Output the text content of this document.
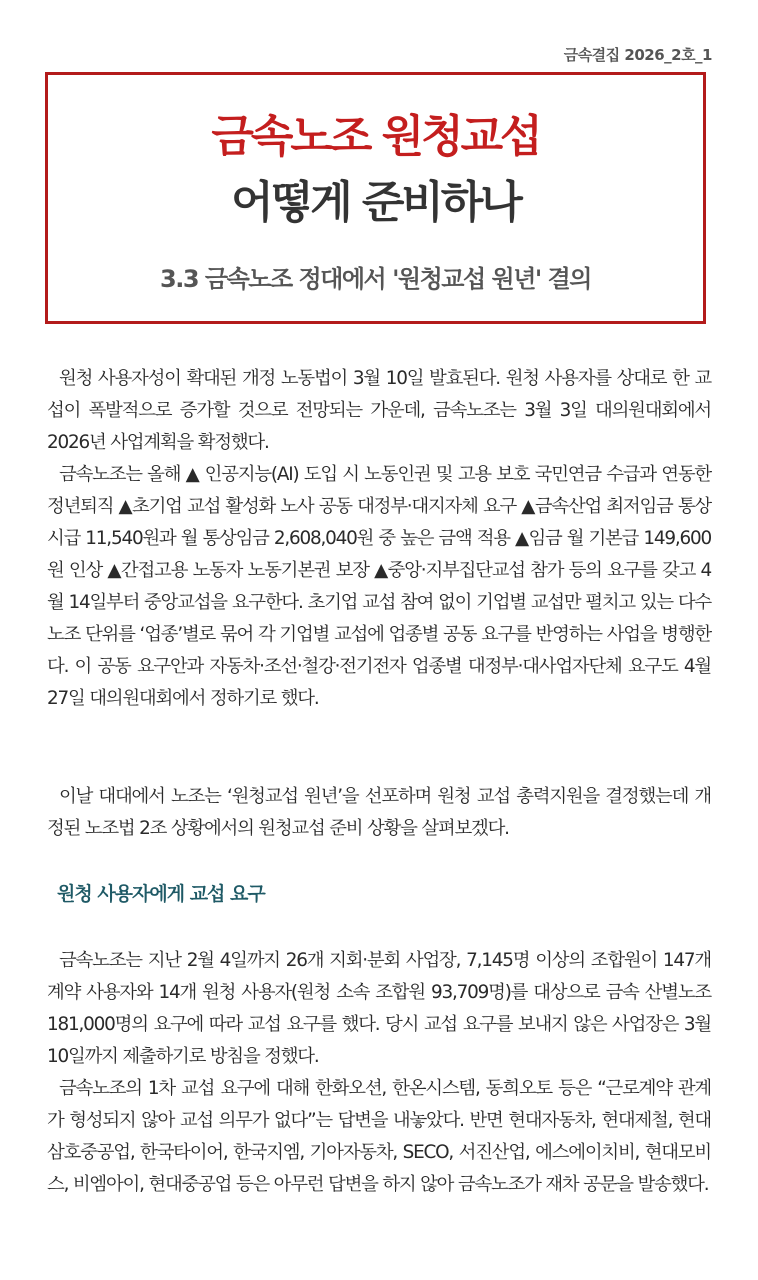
금속결집 2026_2호_1
금속노조 원청교섭
어떻게 준비하나
3.3 금속노조 정대에서 '원청교섭 원년' 결의

원청 사용자성이 확대된 개정 노동법이 3월 10일 발효된다. 원청 사용자를 상대로 한 교섭이 폭발적으로 증가할 것으로 전망되는 가운데, 금속노조는 3월 3일 대의원대회에서 2026년 사업계획을 확정했다.

금속노조는 올해 ▲ 인공지능(AI) 도입 시 노동인권 및 고용 보호 국민연금 수급과 연동한 정년퇴직 ▲초기업 교섭 활성화 노사 공동 대정부·대지자체 요구 ▲금속산업 최저임금 통상시급 11,540원과 월 통상임금 2,608,040원 중 높은 금액 적용 ▲임금 월 기본급 149,600원 인상 ▲간접고용 노동자 노동기본권 보장 ▲중앙·지부집단교섭 참가 등의 요구를 갖고 4월 14일부터 중앙교섭을 요구한다. 초기업 교섭 참여 없이 기업별 교섭만 펼치고 있는 다수 노조 단위를 ‘업종’별로 묶어 각 기업별 교섭에 업종별 공동 요구를 반영하는 사업을 병행한다. 이 공동 요구안과 자동차·조선·철강·전기전자 업종별 대정부·대사업자단체 요구도 4월 27일 대의원대회에서 정하기로 했다.

이날 대대에서 노조는 ‘원청교섭 원년’을 선포하며 원청 교섭 총력지원을 결정했는데 개정된 노조법 2조 상황에서의 원청교섭 준비 상황을 살펴보겠다.

원청 사용자에게 교섭 요구

금속노조는 지난 2월 4일까지 26개 지회·분회 사업장, 7,145명 이상의 조합원이 147개 계약 사용자와 14개 원청 사용자(원청 소속 조합원 93,709명)를 대상으로 금속 산별노조 181,000명의 요구에 따라 교섭 요구를 했다. 당시 교섭 요구를 보내지 않은 사업장은 3월 10일까지 제출하기로 방침을 정했다.

금속노조의 1차 교섭 요구에 대해 한화오션, 한온시스템, 동희오토 등은 “근로계약 관계가 형성되지 않아 교섭 의무가 없다”는 답변을 내놓았다. 반면 현대자동차, 현대제철, 현대삼호중공업, 한국타이어, 한국지엠, 기아자동차, SECO, 서진산업, 에스에이치비, 현대모비스, 비엠아이, 현대중공업 등은 아무런 답변을 하지 않아 금속노조가 재차 공문을 발송했다.
